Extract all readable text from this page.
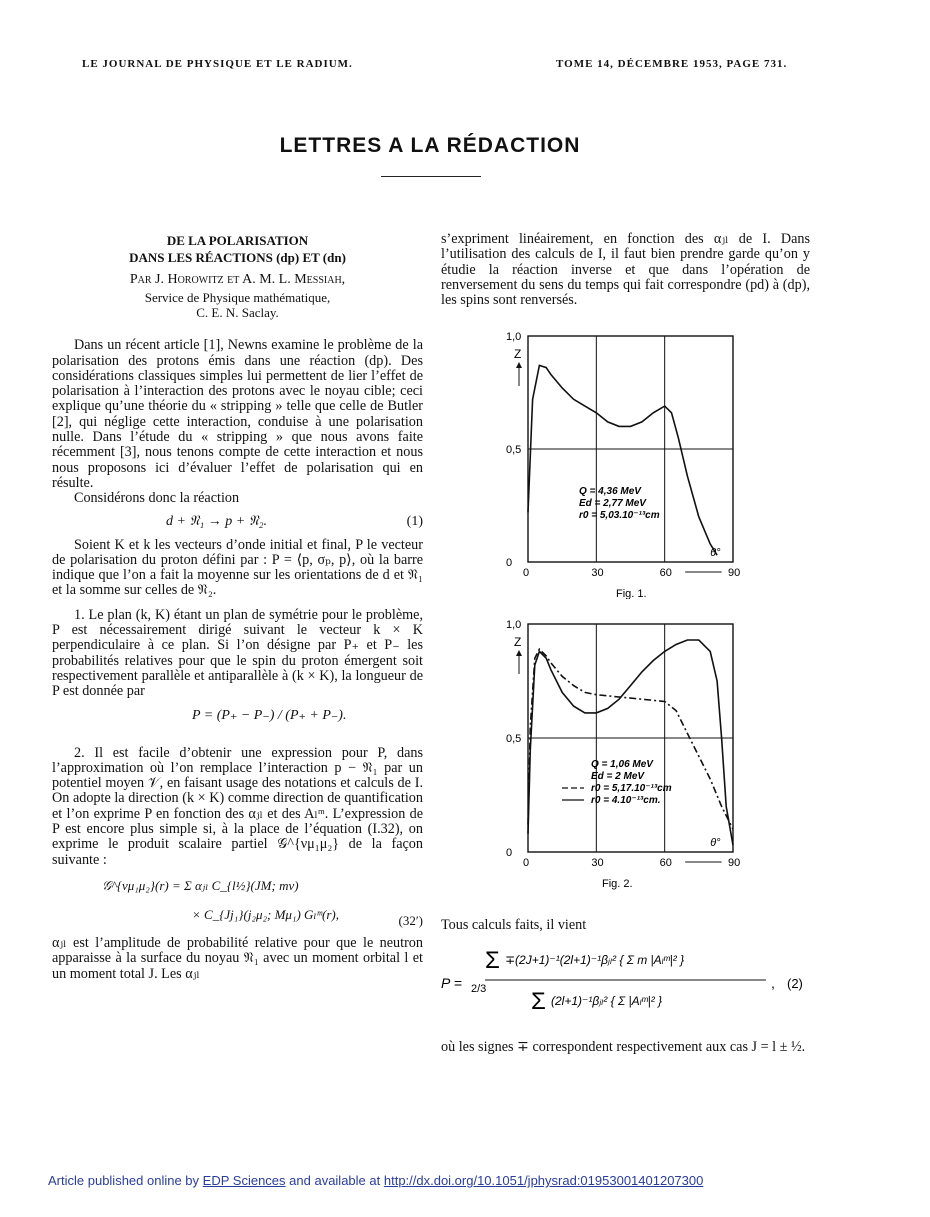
LE JOURNAL DE PHYSIQUE ET LE RADIUM.	TOME 14, DÉCEMBRE 1953, PAGE 731.
LETTRES A LA RÉDACTION
DE LA POLARISATION
DANS LES RÉACTIONS (dp) ET (dn)
Par J. Horowitz et A. M. L. Messiah,
Service de Physique mathématique,
C. E. N. Saclay.

Dans un récent article [1], Newns examine le problème de la polarisation des protons émis dans une réaction (dp). Des considérations classiques simples lui permettent de lier l’effet de polarisation à l’interaction des protons avec le noyau cible; ceci explique qu’une théorie du « stripping » telle que celle de Butler [2], qui néglige cette interaction, conduise à une polarisation nulle. Dans l’étude du « stripping » que nous avons faite récemment [3], nous tenons compte de cette interaction et nous nous proposons ici d’évaluer l’effet de polarisation qui en résulte.

Considérons donc la réaction

d + 𝔑₁ → p + 𝔑₂.	(1)

Soient K et k les vecteurs d’onde initial et final, P le vecteur de polarisation du proton défini par : P = ⟨p, σₚ, p⟩, où la barre indique que l’on a fait la moyenne sur les orientations de d et 𝔑₁ et la somme sur celles de 𝔑₂.

1. Le plan (k, K) étant un plan de symétrie pour le problème, P est nécessairement dirigé suivant le vecteur k × K perpendiculaire à ce plan. Si l’on désigne par P₊ et P₋ les probabilités relatives pour que le spin du proton émergent soit respectivement parallèle et antiparallèle à (k × K), la longueur de P est donnée par

P = (P₊ − P₋) / (P₊ + P₋).

2. Il est facile d’obtenir une expression pour P, dans l’approximation où l’on remplace l’interaction p − 𝔑₁ par un potentiel moyen 𝒱, en faisant usage des notations et calculs de I. On adopte la direction (k × K) comme direction de quantification et l’on exprime P en fonction des αⱼₗ et des Aₗᵐ. L’expression de P est encore plus simple si, à la place de l’équation (I.32), on exprime le produit scalaire partiel 𝒢^{νμ₁μ₂} de la façon suivante :

𝒢^{νμ₁μ₂}(r) = Σ αⱼₗ C_{l½}(JM; mν)
× C_{Jj₁}(j₂μ₂; Mμ₁) Gₗᵐ(r),	(32′)

αⱼₗ est l’amplitude de probabilité relative pour que le neutron apparaisse à la surface du noyau 𝔑₁ avec un moment orbital l et un moment total J. Les αⱼₗ

s’expriment linéairement, en fonction des αⱼₗ de I. Dans l’utilisation des calculs de I, il faut bien prendre garde qu’on y étudie la réaction inverse et que dans l’opération de renversement du sens du temps qui fait correspondre (pd) à (dp), les spins sont renversés.

0	30	60	90
0
0,5
1,0
Z
θ°
Q = 4,36 MeV
Ed = 2,77 MeV
r0 = 5,03.10⁻¹³cm
Fig. 1.
0	30	60	90
0
0,5
1,0
Z
θ°
Q = 1,06 MeV
Ed = 2 MeV
r0 = 5,17.10⁻¹³cm
r0 = 4.10⁻¹³cm.
Fig. 2.

Tous calculs faits, il vient

P = 2/3
Σ ∓(2J+1)⁻¹(2l+1)⁻¹βⱼₗ² { Σ m |Aₗᵐ|² }
Σ (2l+1)⁻¹βⱼₗ² { Σ |Aₗᵐ|² }
, (2)

où les signes ∓ correspondent respectivement aux cas J = l ± ½.

Article published online by EDP Sciences and available at http://dx.doi.org/10.1051/jphysrad:01953001401207300
